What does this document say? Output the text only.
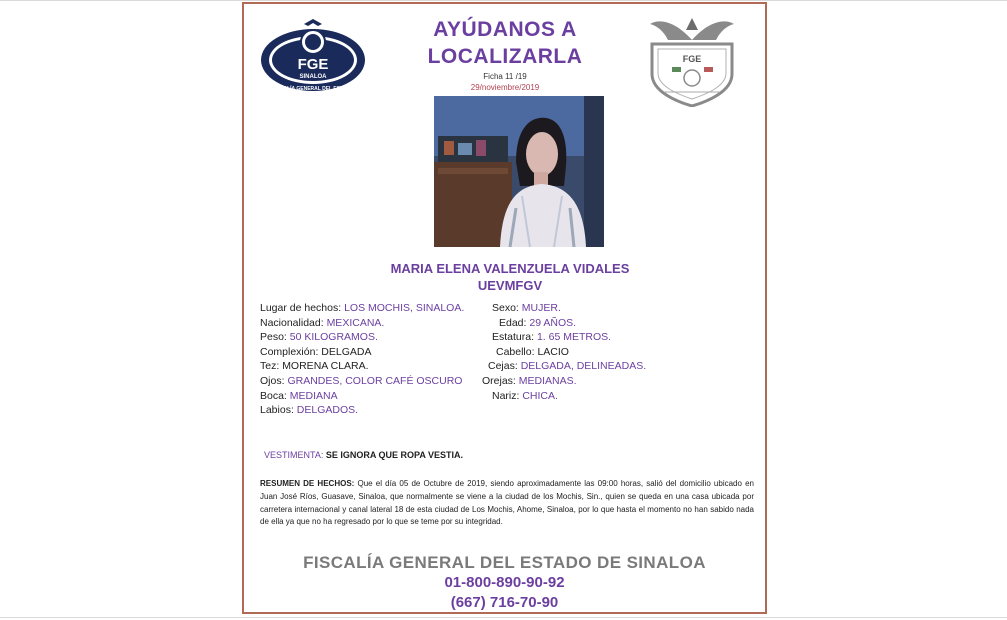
FGE
SINALOA
FISCALÍA GENERAL DEL ESTADO
AYÚDANOS A
LOCALIZARLA
Ficha 11 /19
29/noviembre/2019
FGE
MARIA ELENA VALENZUELA VIDALES
UEVMFGV
Lugar de hechos: LOS MOCHIS, SINALOA.	Sexo: MUJER.
Nacionalidad: MEXICANA.	Edad: 29 AÑOS.
Peso: 50 KILOGRAMOS.	Estatura: 1. 65 METROS.
Complexión: DELGADA	Cabello: LACIO
Tez: MORENA CLARA.	Cejas: DELGADA, DELINEADAS.
Ojos: GRANDES, COLOR CAFÉ OSCURO Orejas: MEDIANAS.
Boca: MEDIANA	Nariz: CHICA.
Labios: DELGADOS.
VESTIMENTA: SE IGNORA QUE ROPA VESTIA.
RESUMEN DE HECHOS: Que el día 05 de Octubre de 2019, siendo aproximadamente las 09:00 horas, salió del domicilio ubicado en Juan José Ríos, Guasave, Sinaloa, que normalmente se viene a la ciudad de los Mochis, Sin., quien se queda en una casa ubicada por carretera internacional y canal lateral 18 de esta ciudad de Los Mochis, Ahome, Sinaloa, por lo que hasta el momento no han sabido nada de ella ya que no ha regresado por lo que se teme por su integridad.
FISCALÍA GENERAL DEL ESTADO DE SINALOA
01-800-890-90-92
(667) 716-70-90
